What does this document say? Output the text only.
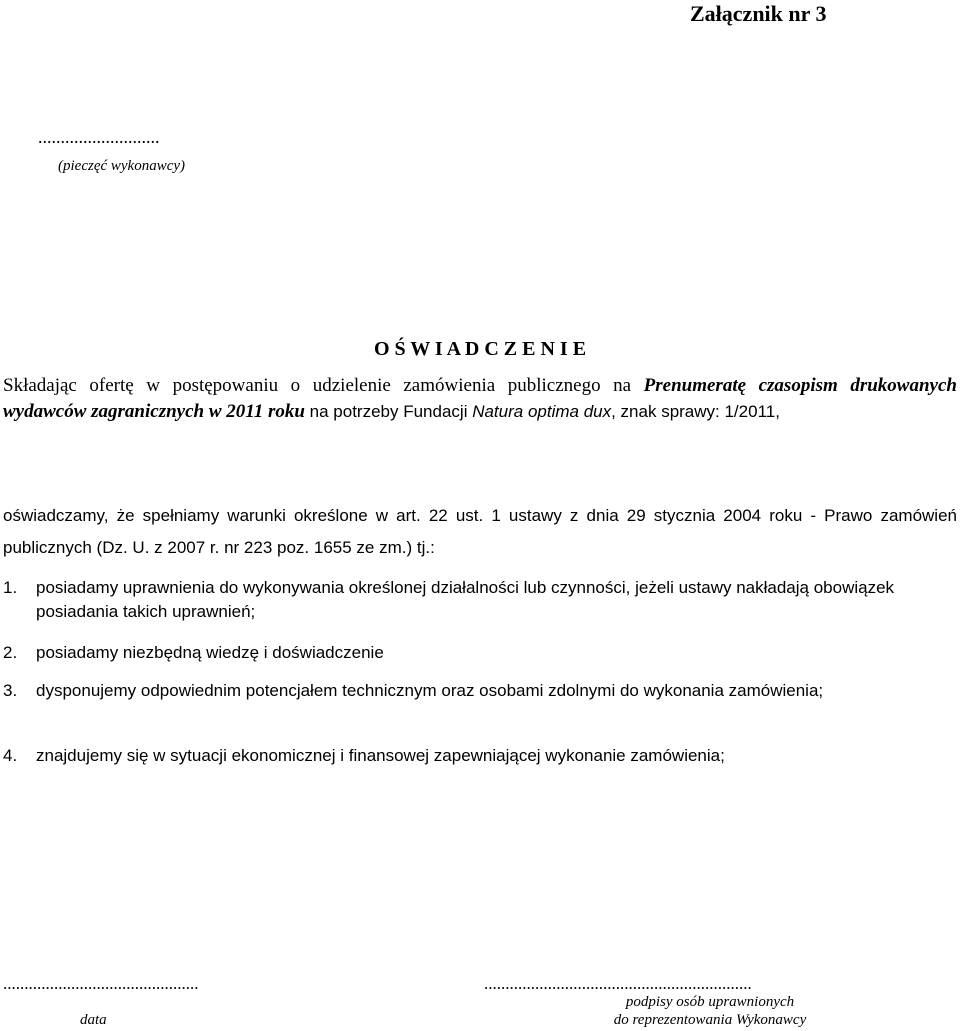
Załącznik nr 3
...........................
(pieczęć wykonawcy)
O Ś W I A D C Z E N I E
Składając ofertę w postępowaniu o udzielenie zamówienia publicznego na Prenumeratę czasopism drukowanych wydawców zagranicznych w 2011 roku na potrzeby Fundacji Natura optima dux, znak sprawy: 1/2011,
oświadczamy, że spełniamy warunki określone w art. 22 ust. 1 ustawy z dnia 29 stycznia 2004 roku - Prawo zamówień publicznych (Dz. U. z 2007 r. nr 223 poz. 1655 ze zm.) tj.:
1. posiadamy uprawnienia do wykonywania określonej działalności lub czynności, jeżeli ustawy nakładają obowiązek posiadania takich uprawnień;
2. posiadamy niezbędną wiedzę i doświadczenie
3. dysponujemy odpowiednim potencjałem technicznym oraz osobami zdolnymi do wykonania zamówienia;
4. znajdujemy się w sytuacji ekonomicznej i finansowej zapewniającej wykonanie zamówienia;
..............................................
data
...............................................................
podpisy osób uprawnionych
do reprezentowania Wykonawcy
